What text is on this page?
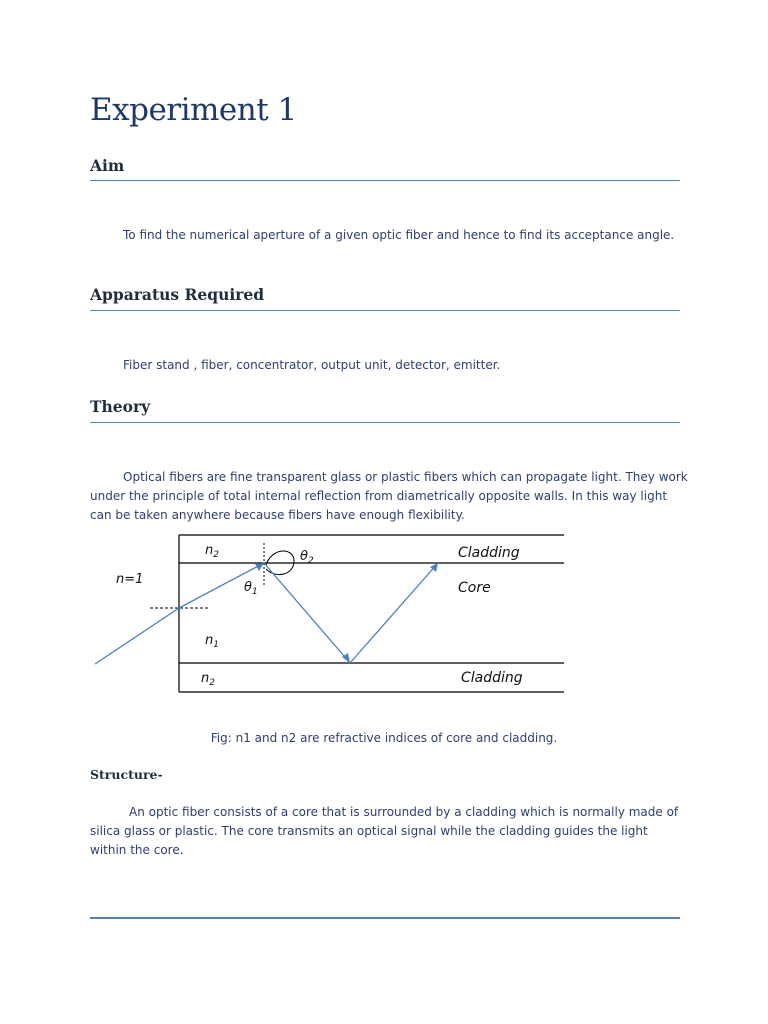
Experiment 1
Aim

To find the numerical aperture of a given optic fiber and hence to find its acceptance angle.

Apparatus Required

Fiber stand , fiber, concentrator, output unit, detector, emitter.

Theory

Optical fibers are fine transparent glass or plastic fibers which can propagate light. They work under the principle of total internal reflection from diametrically opposite walls. In this way light can be taken anywhere because fibers have enough flexibility.

n=1
$n_2$	$\theta_2$
$\theta_1$
$n_1$
$n_2$
Cladding
Core
Cladding
Fig: n1 and n2 are refractive indices of core and cladding.
Structure-

An optic fiber consists of a core that is surrounded by a cladding which is normally made of silica glass or plastic. The core transmits an optical signal while the cladding guides the light within the core.
